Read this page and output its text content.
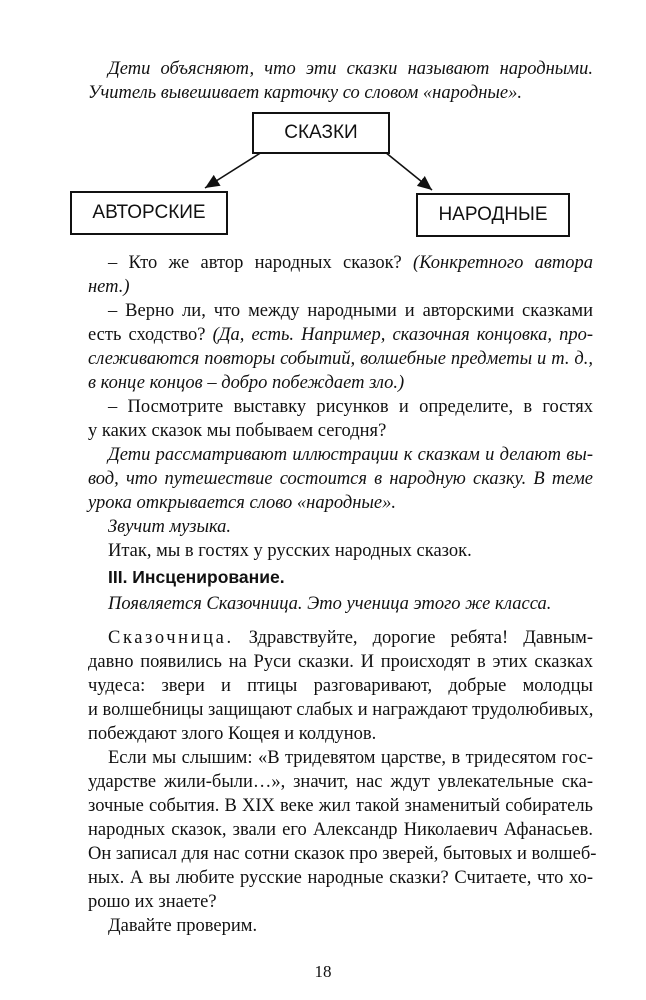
Дети объясняют, что эти сказки называют народными.
Учитель вывешивает карточку со словом «народные».
СКАЗКИ
АВТОРСКИЕ	НАРОДНЫЕ
– Кто же автор народных сказок? (Конкретного автора
нет.)
– Верно ли, что между народными и авторскими сказками
есть сходство? (Да, есть. Например, сказочная концовка, про-
слеживаются повторы событий, волшебные предметы и т. д.,
в конце концов – добро побеждает зло.)
– Посмотрите выставку рисунков и определите, в гостях
у каких сказок мы побываем сегодня?
Дети рассматривают иллюстрации к сказкам и делают вы-
вод, что путешествие состоится в народную сказку. В теме
урока открывается слово «народные».
Звучит музыка.
Итак, мы в гостях у русских народных сказок.
III. Инсценирование.
Появляется Сказочница. Это ученица этого же класса.
Сказочница. Здравствуйте, дорогие ребята! Давным-
давно появились на Руси сказки. И происходят в этих сказках
чудеса: звери и птицы разговаривают, добрые молодцы
и волшебницы защищают слабых и награждают трудолюбивых,
побеждают злого Кощея и колдунов.
Если мы слышим: «В тридевятом царстве, в тридесятом гос-
ударстве жили-были…», значит, нас ждут увлекательные ска-
зочные события. В XIX веке жил такой знаменитый собиратель
народных сказок, звали его Александр Николаевич Афанасьев.
Он записал для нас сотни сказок про зверей, бытовых и волшеб-
ных. А вы любите русские народные сказки? Считаете, что хо-
рошо их знаете?
Давайте проверим.
18
